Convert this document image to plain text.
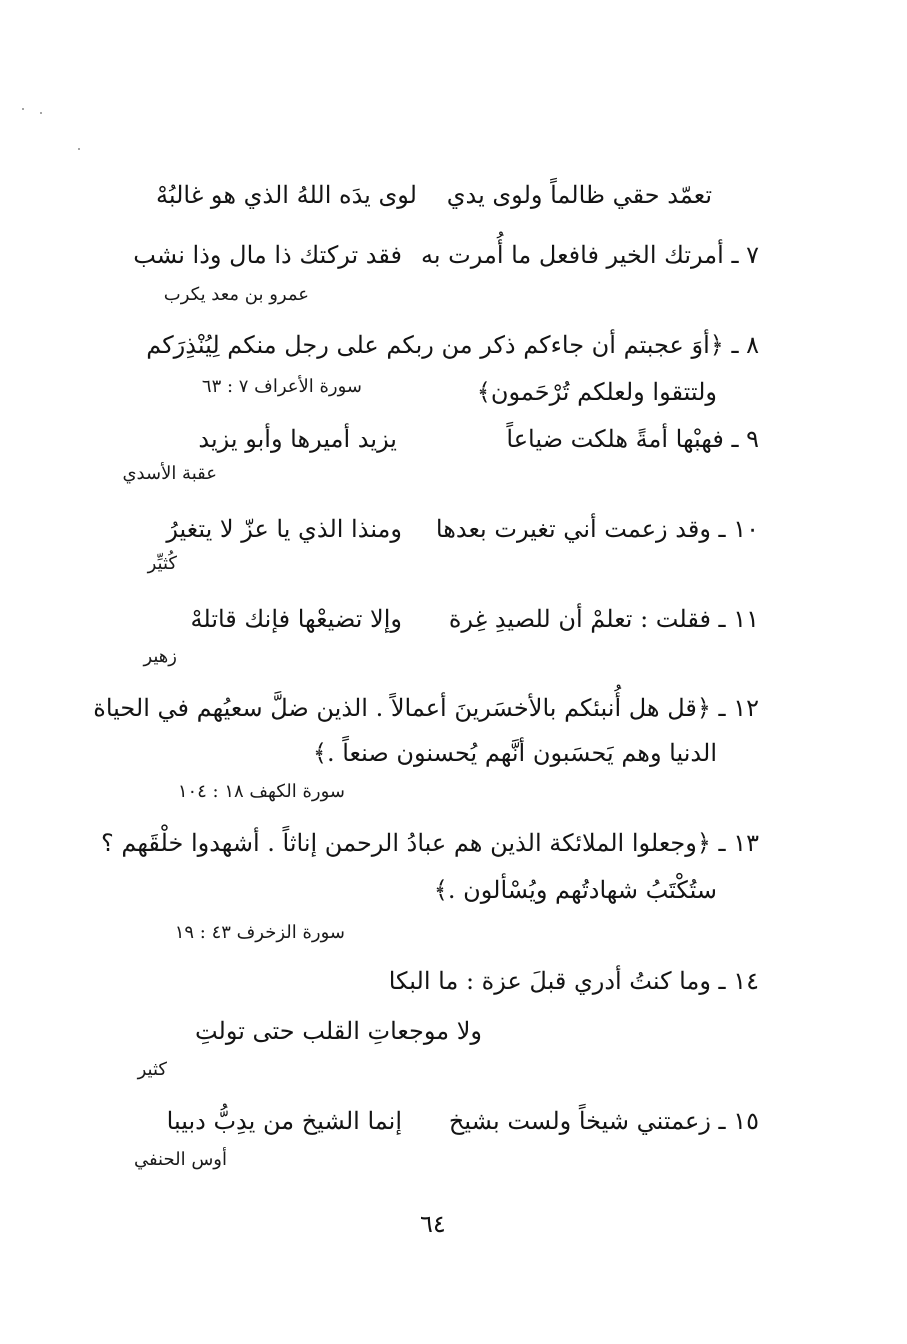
تعمّد حقي ظالماً ولوى يدي
لوى يدَه اللهُ الذي هو غالبُهْ
٧ ـ أمرتك الخير فافعل ما أُمرت به
فقد تركتك ذا مال وذا نشب
عمرو بن معد يكرب
٨ ـ ﴿أوَ عجبتم أن جاءكم ذكر من ربكم على رجل منكم لِيُنْذِرَكم
ولتتقوا ولعلكم تُرْحَمون﴾
سورة الأعراف ٧ : ٦٣
٩ ـ فهبْها أمةً هلكت ضياعاً
يزيد أميرها وأبو يزيد
عقبة الأسدي
١٠ ـ وقد زعمت أني تغيرت بعدها
ومنذا الذي يا عزّ لا يتغيرُ
كُثيِّر
١١ ـ فقلت : تعلمْ أن للصيدِ غِرة
وإلا تضيعْها فإنك قاتلهْ
زهير
١٢ ـ ﴿قل هل أُنبئكم بالأخسَرينَ أعمالاً . الذين ضلَّ سعيُهم في الحياة
الدنيا وهم يَحسَبون أنَّهم يُحسنون صنعاً .﴾
سورة الكهف ١٨ : ١٠٤
١٣ ـ ﴿وجعلوا الملائكة الذين هم عبادُ الرحمن إناثاً . أشهدوا خلْقَهم ؟
ستُكْتَبُ شهادتُهم ويُسْألون .﴾
سورة الزخرف ٤٣ : ١٩
١٤ ـ وما كنتُ أدري قبلَ عزة : ما البكا
ولا موجعاتِ القلب حتى تولتِ
كثير
١٥ ـ زعمتني شيخاً ولست بشيخ
إنما الشيخ من يدِبُّ دبيبا
أوس الحنفي
٦٤
